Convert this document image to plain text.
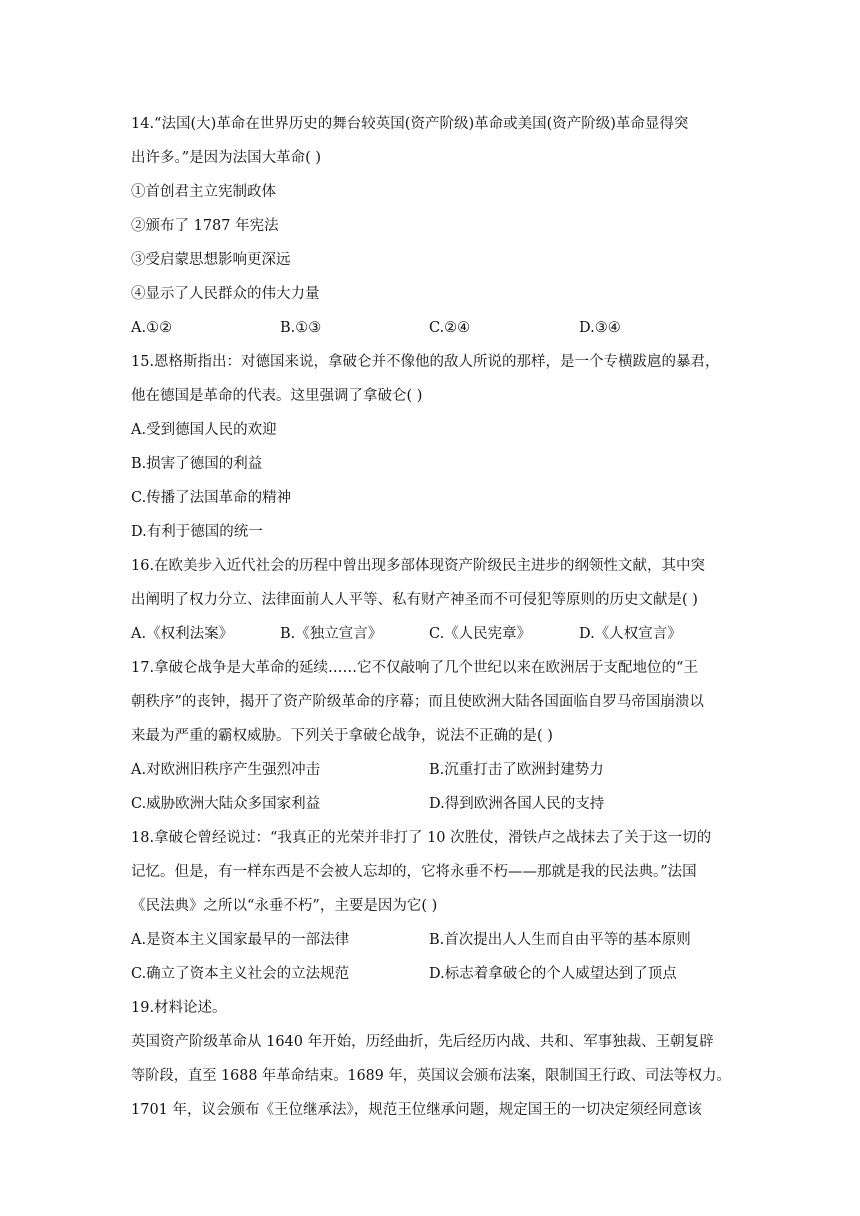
14.“法国(大)革命在世界历史的舞台较英国(资产阶级)革命或美国(资产阶级)革命显得突
出许多。”是因为法国大革命( )
①首创君主立宪制政体
②颁布了 1787 年宪法
③受启蒙思想影响更深远
④显示了人民群众的伟大力量
A.①②	B.①③	C.②④	D.③④
15.恩格斯指出：对德国来说，拿破仑并不像他的敌人所说的那样，是一个专横跋扈的暴君，
他在德国是革命的代表。这里强调了拿破仑( )
A.受到德国人民的欢迎
B.损害了德国的利益
C.传播了法国革命的精神
D.有利于德国的统一
16.在欧美步入近代社会的历程中曾出现多部体现资产阶级民主进步的纲领性文献，其中突
出阐明了权力分立、法律面前人人平等、私有财产神圣而不可侵犯等原则的历史文献是( )
A.《权利法案》	B.《独立宣言》	C.《人民宪章》	D.《人权宣言》
17.拿破仑战争是大革命的延续……它不仅敲响了几个世纪以来在欧洲居于支配地位的“王
朝秩序”的丧钟，揭开了资产阶级革命的序幕；而且使欧洲大陆各国面临自罗马帝国崩溃以
来最为严重的霸权威胁。下列关于拿破仑战争，说法不正确的是( )
A.对欧洲旧秩序产生强烈冲击	B.沉重打击了欧洲封建势力
C.威胁欧洲大陆众多国家利益	D.得到欧洲各国人民的支持
18.拿破仑曾经说过：“我真正的光荣并非打了 10 次胜仗，滑铁卢之战抹去了关于这一切的
记忆。但是，有一样东西是不会被人忘却的，它将永垂不朽——那就是我的民法典。”法国
《民法典》之所以“永垂不朽”，主要是因为它( )
A.是资本主义国家最早的一部法律	B.首次提出人人生而自由平等的基本原则
C.确立了资本主义社会的立法规范	D.标志着拿破仑的个人威望达到了顶点
19.材料论述。
英国资产阶级革命从 1640 年开始，历经曲折，先后经历内战、共和、军事独裁、王朝复辟
等阶段，直至 1688 年革命结束。1689 年，英国议会颁布法案，限制国王行政、司法等权力。
1701 年，议会颁布《王位继承法》，规范王位继承问题，规定国王的一切决定须经同意该
